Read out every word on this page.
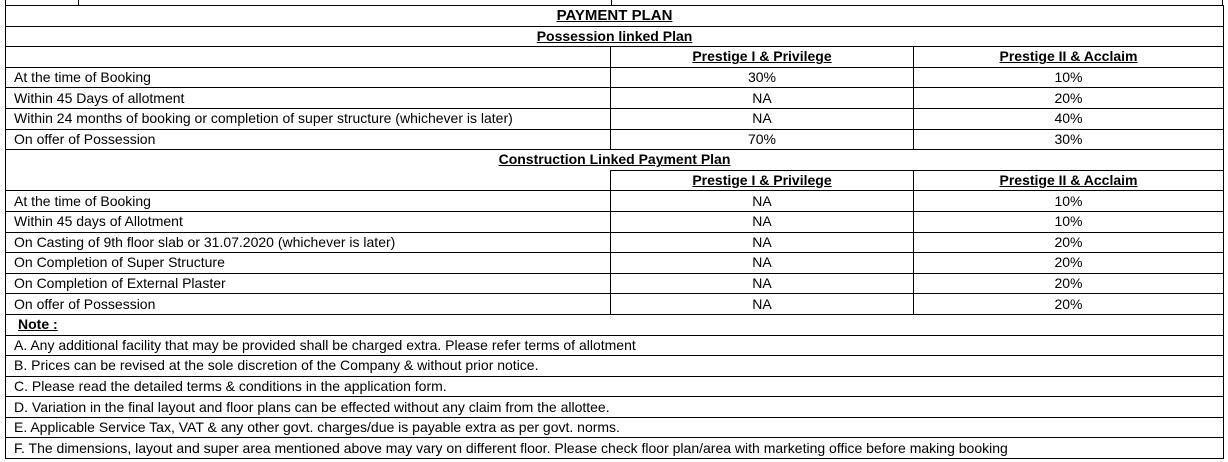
PAYMENT PLAN		
Possession linked Plan		
	Prestige I & Privilege	Prestige II & Acclaim
At the time of Booking	30%	10%
Within 45 Days of allotment	NA	20%
Within 24 months of booking or completion of super structure (whichever is later)	NA	40%
On offer of Possession	70%	30%
Construction Linked Payment Plan		
	Prestige I & Privilege	Prestige II & Acclaim
At the time of Booking	NA	10%
Within 45 days of Allotment	NA	10%
On Casting of 9th floor slab or 31.07.2020 (whichever is later)	NA	20%
On Completion of Super Structure	NA	20%
On Completion of External Plaster	NA	20%
On offer of Possession	NA	20%
Note :		
A. Any additional facility that may be provided shall be charged extra. Please refer terms of allotment		
B. Prices can be revised at the sole discretion of the Company & without prior notice.		
C. Please read the detailed terms & conditions in the application form.		
D. Variation in the final layout and floor plans can be effected without any claim from the allottee.		
E. Applicable Service Tax, VAT & any other govt. charges/due is payable extra as per govt. norms.		
F. The dimensions, layout and super area mentioned above may vary on different floor. Please check floor plan/area with marketing office before making booking		
